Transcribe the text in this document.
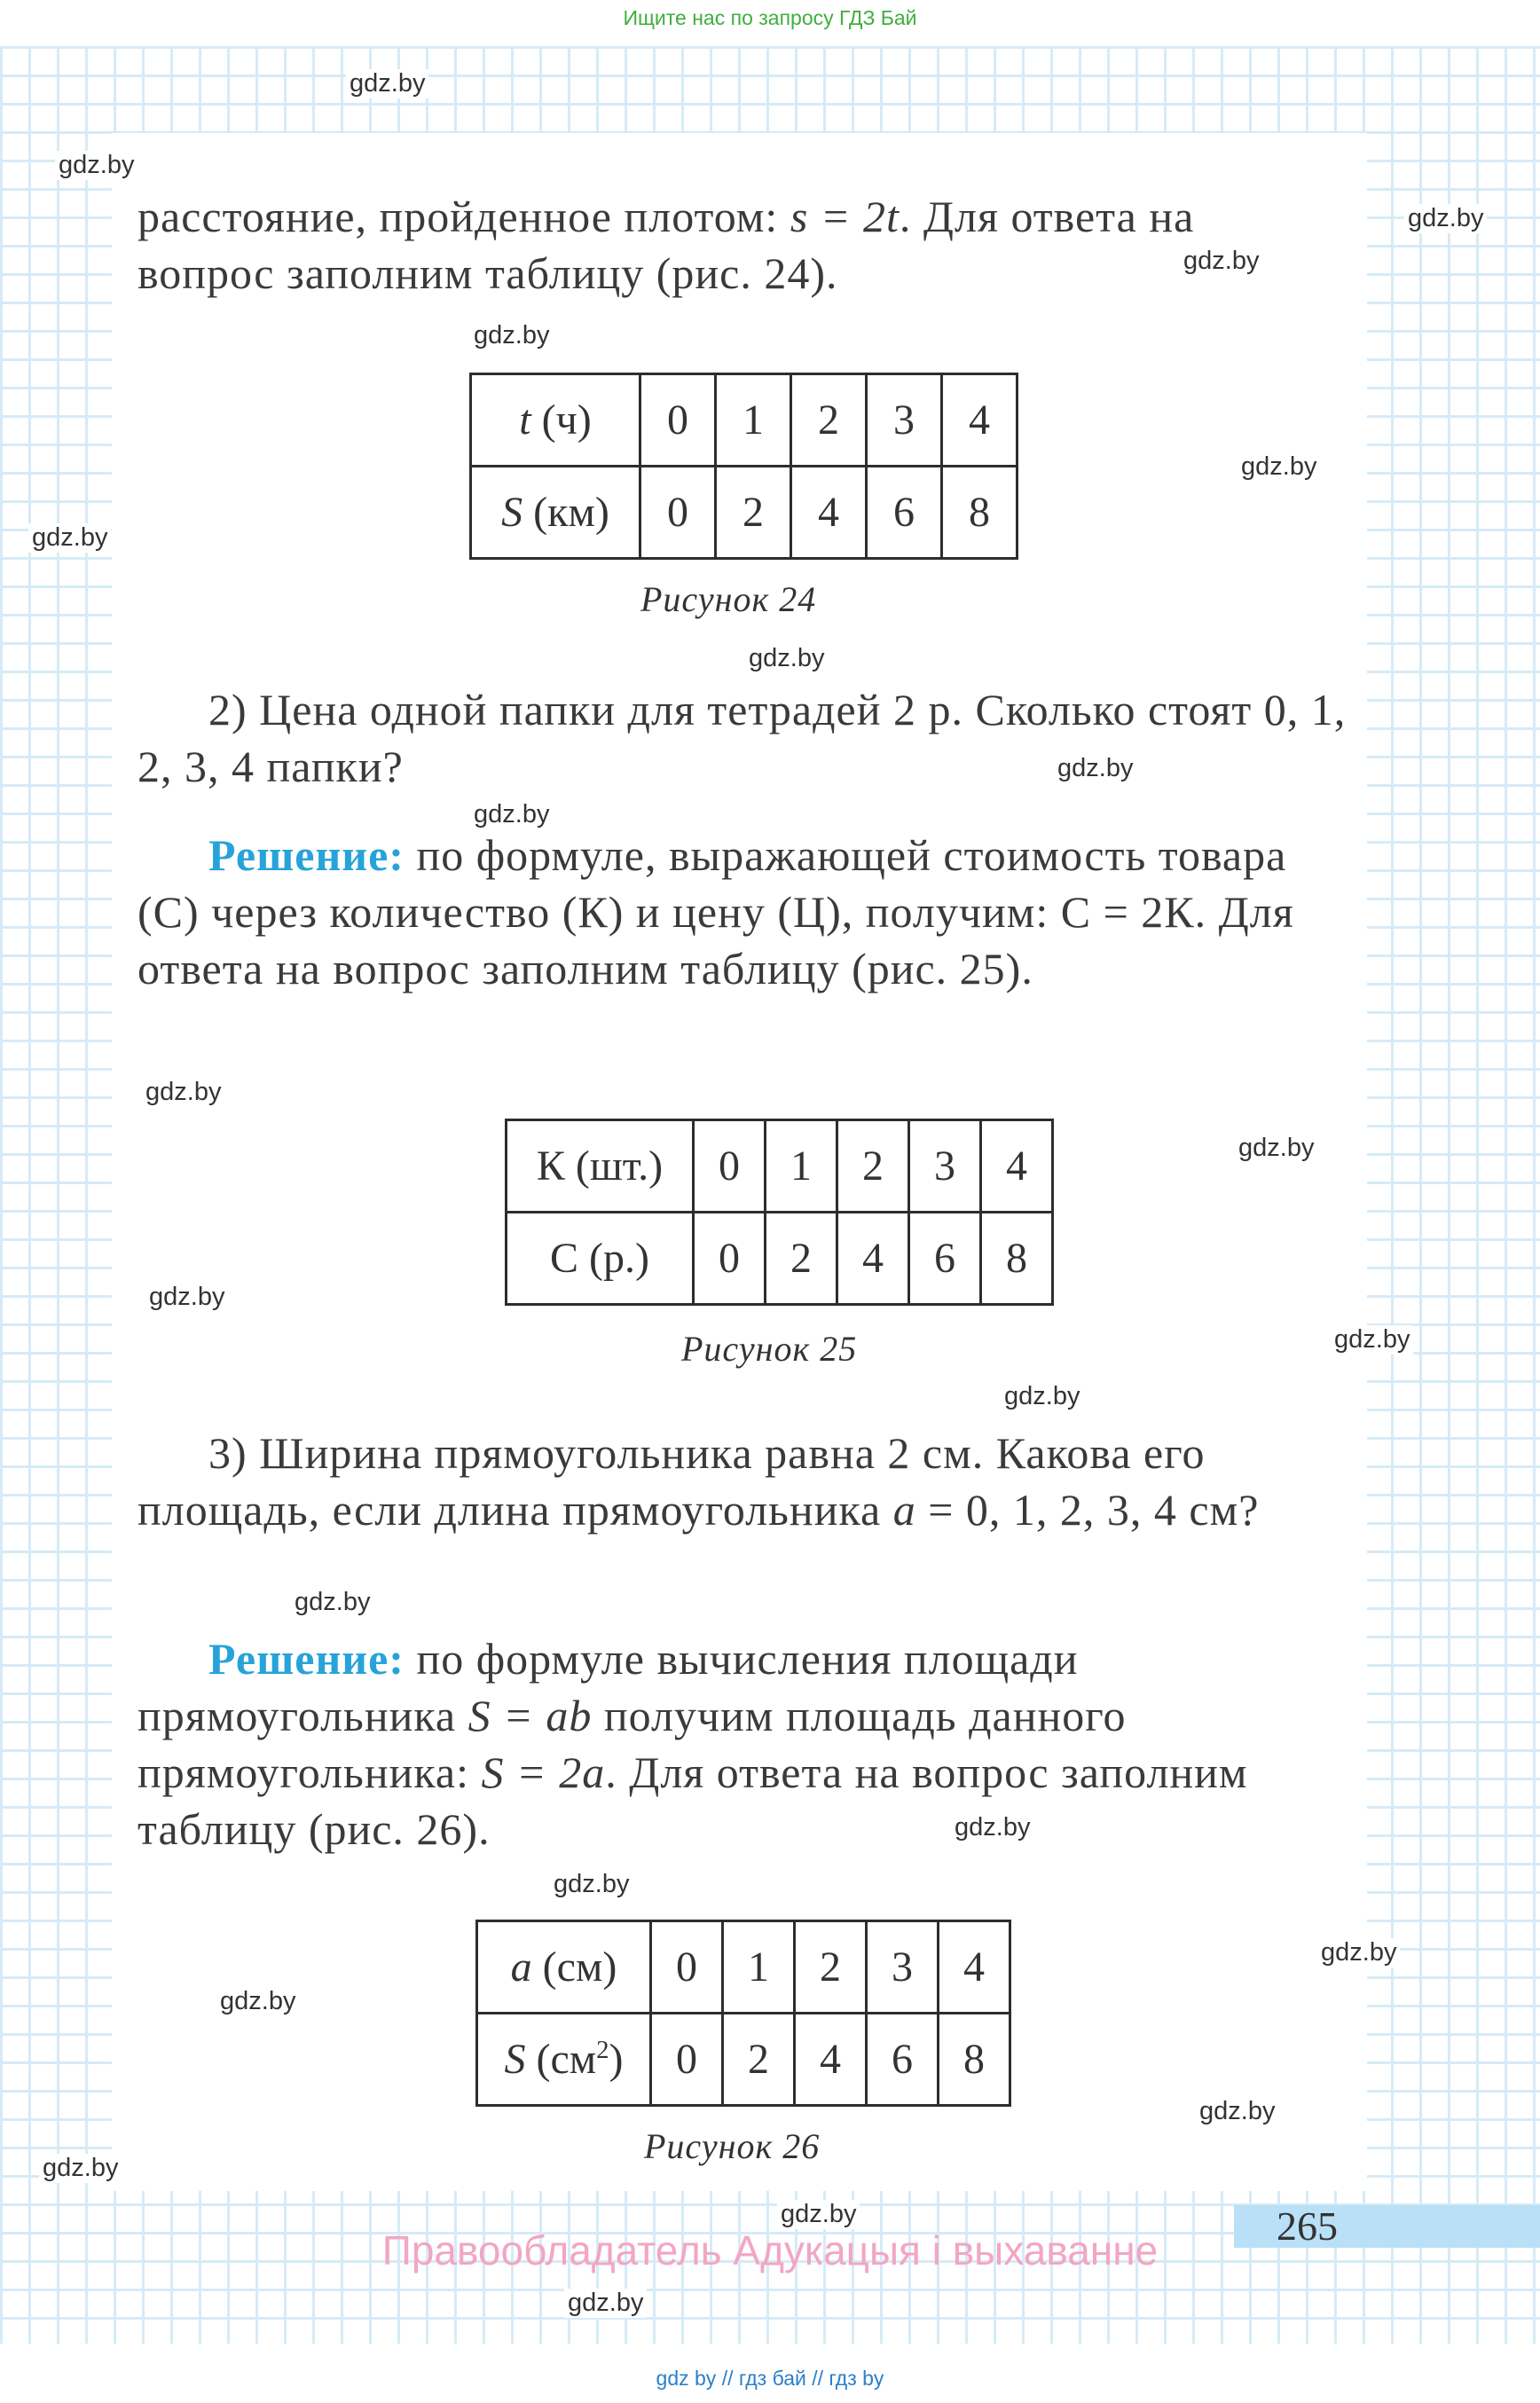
Ищите нас по запросу ГДЗ Бай
gdz.by
gdz.by
gdz.by
gdz.by
gdz.by
gdz.by
gdz.by
gdz.by
gdz.by
gdz.by
gdz.by
gdz.by
gdz.by
gdz.by
gdz.by
gdz.by
gdz.by
gdz.by
gdz.by
gdz.by
gdz.by
gdz.by
gdz.by
gdz.by
расстояние, пройденное плотом: s = 2t. Для ответа на
вопрос заполним таблицу (рис. 24).
t (ч)	0	1	2	3	4
S (км)	0	2	4	6	8
Рисунок 24
2) Цена одной папки для тетрадей 2 р. Сколько стоят 0, 1, 2, 3, 4 папки?
Решение: по формуле, выражающей стоимость товара (С) через количество (К) и цену (Ц), получим: С = 2К. Для ответа на вопрос заполним таблицу (рис. 25).
К (шт.)	0	1	2	3	4
С (р.)	0	2	4	6	8
Рисунок 25
3) Ширина прямоугольника равна 2 см. Какова его площадь, если длина прямоугольника a = 0, 1, 2, 3, 4 см?
Решение: по формуле вычисления площади прямоугольника S = ab получим площадь данного прямоугольника: S = 2a. Для ответа на вопрос заполним таблицу (рис. 26).
a (см)	0	1	2	3	4
S $(см^2)$	0	2	4	6	8
Рисунок 26
265
Правообладатель Адукацыя і выхаванне
gdz by // гдз бай // гдз by
